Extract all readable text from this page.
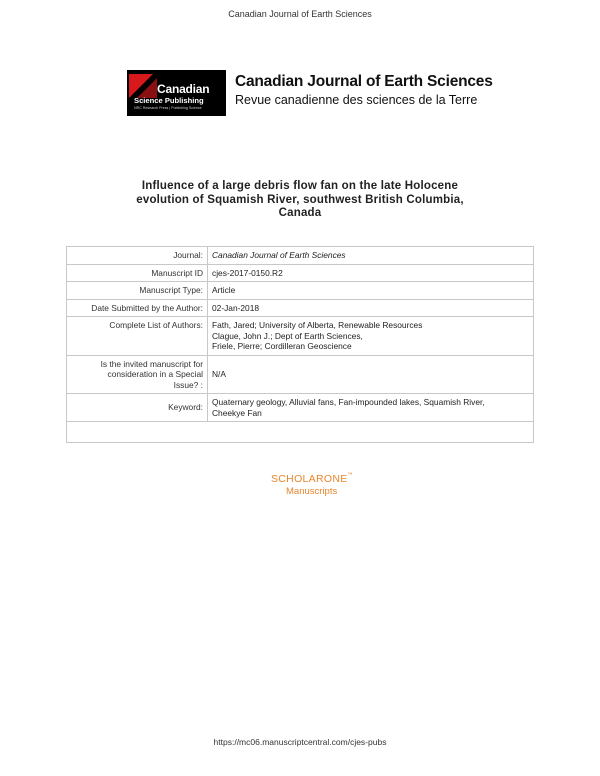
Canadian Journal of Earth Sciences
Canadian
Science Publishing
NRC Research Press | Publishing Science
Canadian Journal of Earth Sciences
Revue canadienne des sciences de la Terre
Influence of a large debris flow fan on the late Holocene
evolution of Squamish River, southwest British Columbia,
Canada
Journal:	Canadian Journal of Earth Sciences
Manuscript ID	cjes-2017-0150.R2
Manuscript Type:	Article
Date Submitted by the Author:	02-Jan-2018
Complete List of Authors:	Fath, Jared; University of Alberta, Renewable Resources
Clague, John J.; Dept of Earth Sciences,
Friele, Pierre; Cordilleran Geoscience

Is the invited manuscript for
consideration in a Special
Issue? :	N/A

Keyword:	Quaternary geology, Alluvial fans, Fan-impounded lakes, Squamish River,
Cheekye Fan

SCHOLARONE™
Manuscripts
https://mc06.manuscriptcentral.com/cjes-pubs
